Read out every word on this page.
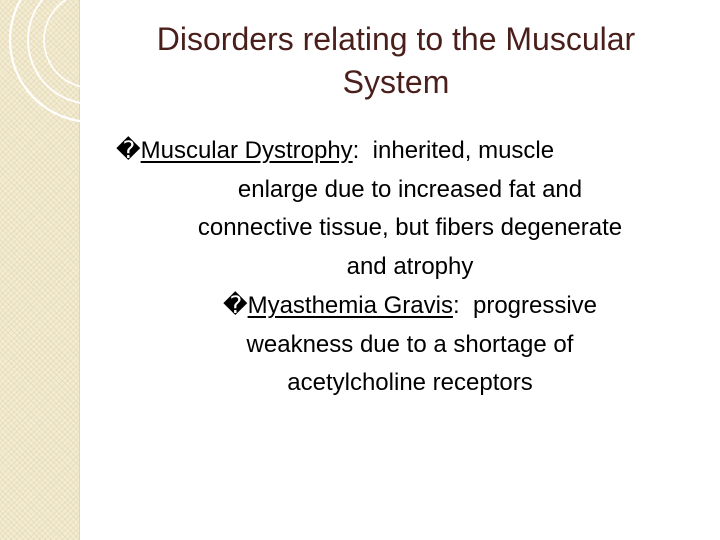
Disorders relating to the Muscular
System

�Muscular Dystrophy:  inherited, muscle
enlarge due to increased fat and
connective tissue, but fibers degenerate
and atrophy

�Myasthemia Gravis:  progressive
weakness due to a shortage of
acetylcholine receptors
